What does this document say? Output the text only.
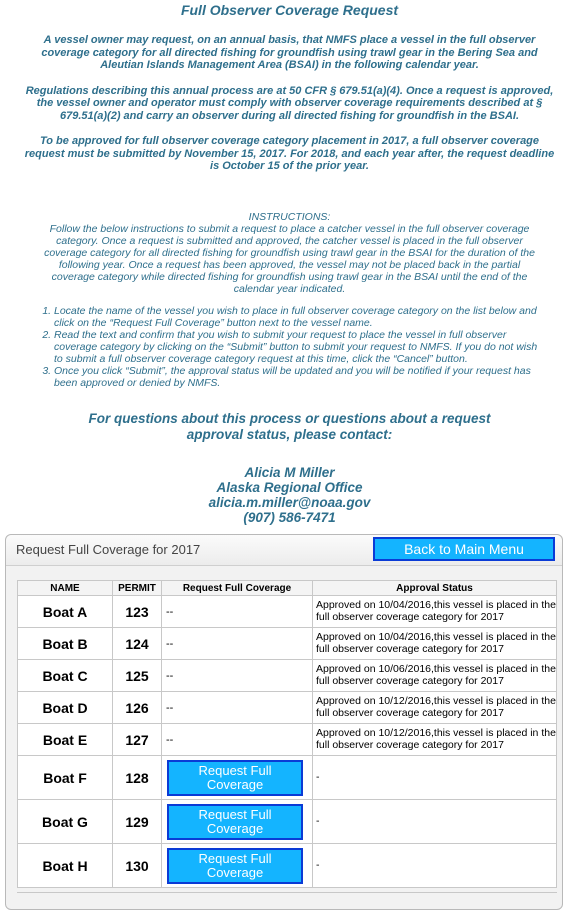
Full Observer Coverage Request
A vessel owner may request, on an annual basis, that NMFS place a vessel in the full observer coverage category for all directed fishing for groundfish using trawl gear in the Bering Sea and Aleutian Islands Management Area (BSAI) in the following calendar year.
Regulations describing this annual process are at 50 CFR § 679.51(a)(4). Once a request is approved, the vessel owner and operator must comply with observer coverage requirements described at § 679.51(a)(2) and carry an observer during all directed fishing for groundfish in the BSAI.
To be approved for full observer coverage category placement in 2017, a full observer coverage request must be submitted by November 15, 2017. For 2018, and each year after, the request deadline is October 15 of the prior year.
INSTRUCTIONS:
Follow the below instructions to submit a request to place a catcher vessel in the full observer coverage category. Once a request is submitted and approved, the catcher vessel is placed in the full observer coverage category for all directed fishing for groundfish using trawl gear in the BSAI for the duration of the following year. Once a request has been approved, the vessel may not be placed back in the partial coverage category while directed fishing for groundfish using trawl gear in the BSAI until the end of the calendar year indicated.
1. Locate the name of the vessel you wish to place in full observer coverage category on the list below and click on the “Request Full Coverage” button next to the vessel name.
2. Read the text and confirm that you wish to submit your request to place the vessel in full observer coverage category by clicking on the “Submit” button to submit your request to NMFS. If you do not wish to submit a full observer coverage category request at this time, click the “Cancel” button.
3. Once you click “Submit”, the approval status will be updated and you will be notified if your request has been approved or denied by NMFS.
For questions about this process or questions about a request approval status, please contact:
Alicia M Miller
Alaska Regional Office
alicia.m.miller@noaa.gov
(907) 586-7471
Request Full Coverage for 2017	Back to Main Menu
NAME	PERMIT	Request Full Coverage	Approval Status
Boat A	123	--	Approved on 10/04/2016,this vessel is placed in the full observer coverage category for 2017
Boat B	124	--	Approved on 10/04/2016,this vessel is placed in the full observer coverage category for 2017
Boat C	125	--	Approved on 10/06/2016,this vessel is placed in the full observer coverage category for 2017
Boat D	126	--	Approved on 10/12/2016,this vessel is placed in the full observer coverage category for 2017
Boat E	127	--	Approved on 10/12/2016,this vessel is placed in the full observer coverage category for 2017
Boat F	128	Request Full Coverage	-
Boat G	129	Request Full Coverage	-
Boat H	130	Request Full Coverage	-
